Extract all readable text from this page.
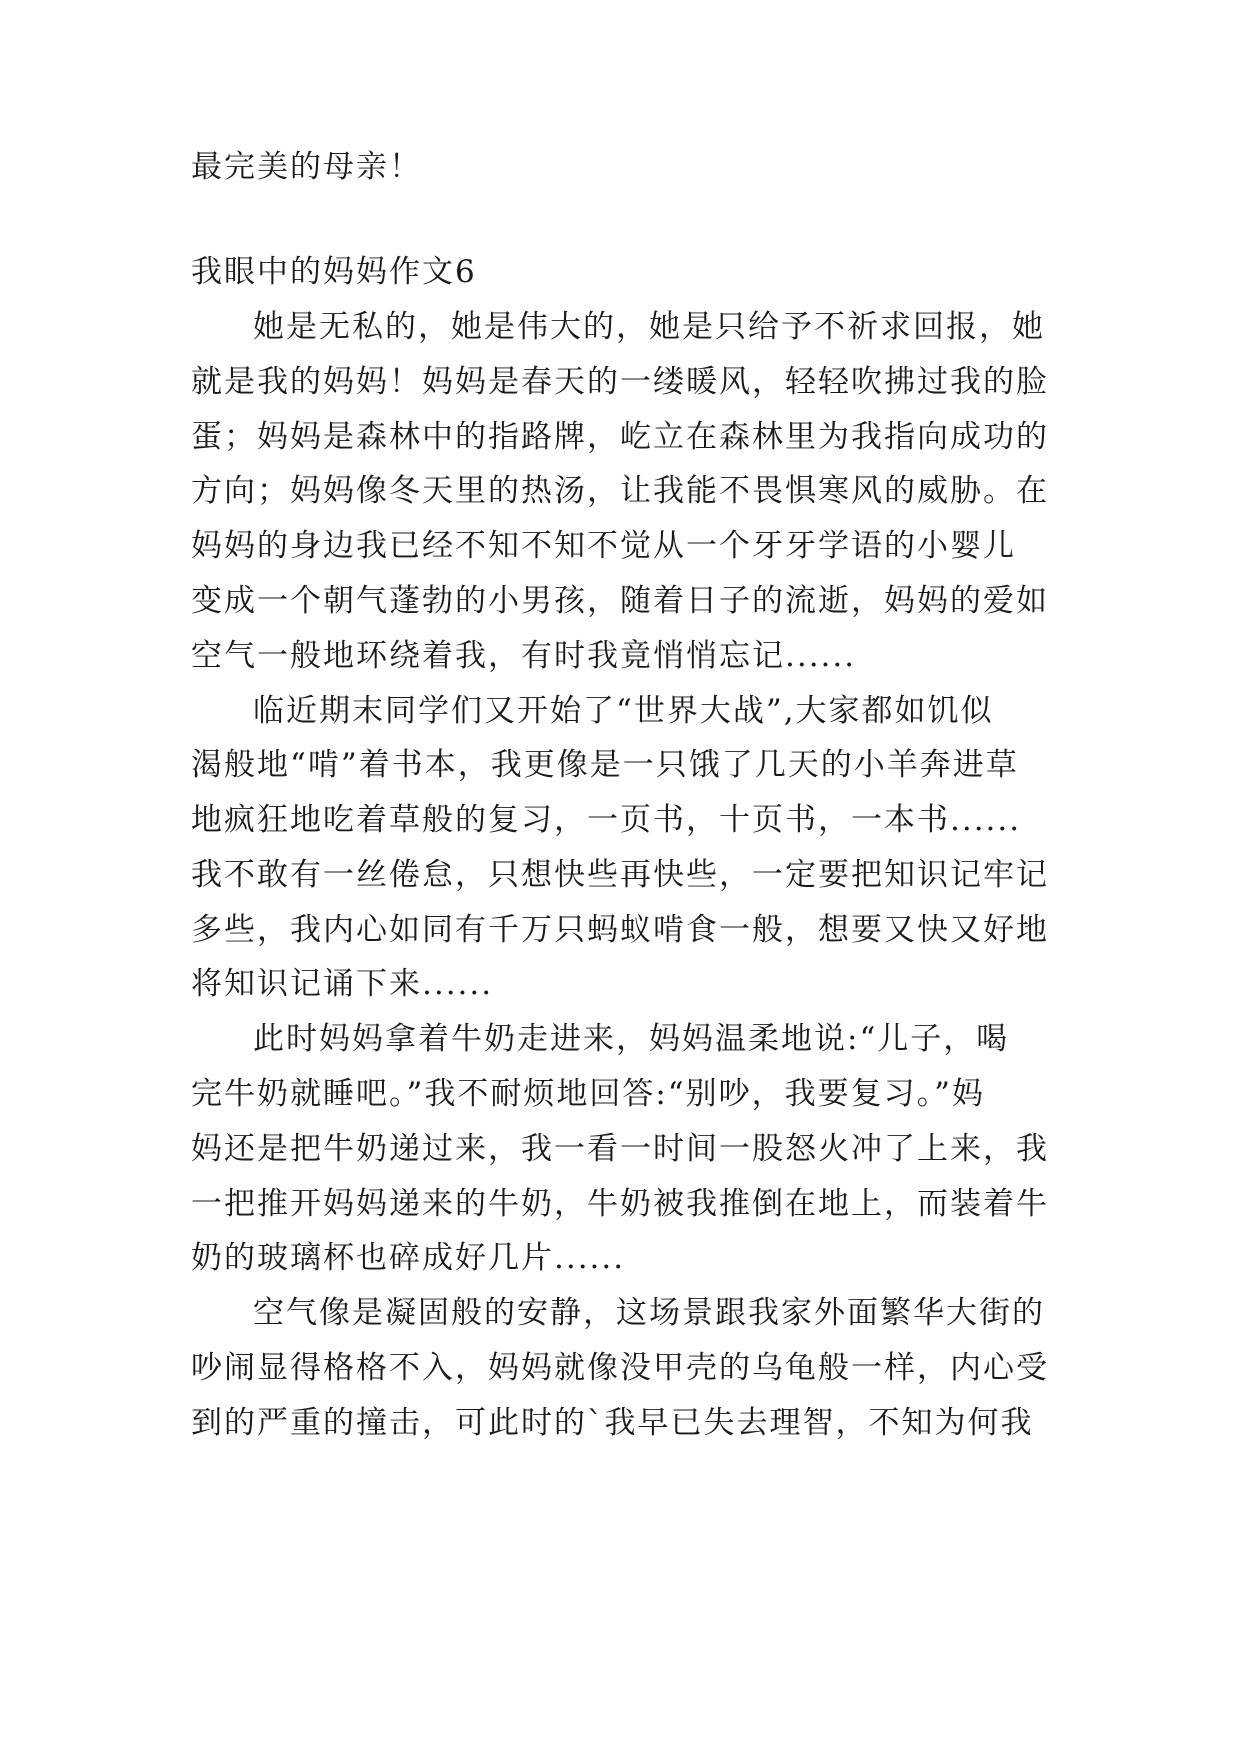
最完美的母亲！
我眼中的妈妈作文6
她是无私的，她是伟大的，她是只给予不祈求回报，她
就是我的妈妈！妈妈是春天的一缕暖风，轻轻吹拂过我的脸
蛋；妈妈是森林中的指路牌，屹立在森林里为我指向成功的
方向；妈妈像冬天里的热汤，让我能不畏惧寒风的威胁。在
妈妈的身边我已经不知不知不觉从一个牙牙学语的小婴儿
变成一个朝气蓬勃的小男孩，随着日子的流逝，妈妈的爱如
空气一般地环绕着我，有时我竟悄悄忘记......
临近期末同学们又开始了“世界大战”,大家都如饥似
渴般地“啃”着书本，我更像是一只饿了几天的小羊奔进草
地疯狂地吃着草般的复习，一页书，十页书，一本书......
我不敢有一丝倦怠，只想快些再快些，一定要把知识记牢记
多些，我内心如同有千万只蚂蚁啃食一般，想要又快又好地
将知识记诵下来......
此时妈妈拿着牛奶走进来，妈妈温柔地说:“儿子，喝
完牛奶就睡吧。”我不耐烦地回答:“别吵，我要复习。”妈
妈还是把牛奶递过来，我一看一时间一股怒火冲了上来，我
一把推开妈妈递来的牛奶，牛奶被我推倒在地上，而装着牛
奶的玻璃杯也碎成好几片......
空气像是凝固般的安静，这场景跟我家外面繁华大街的
吵闹显得格格不入，妈妈就像没甲壳的乌龟般一样，内心受
到的严重的撞击，可此时的`我早已失去理智，不知为何我
